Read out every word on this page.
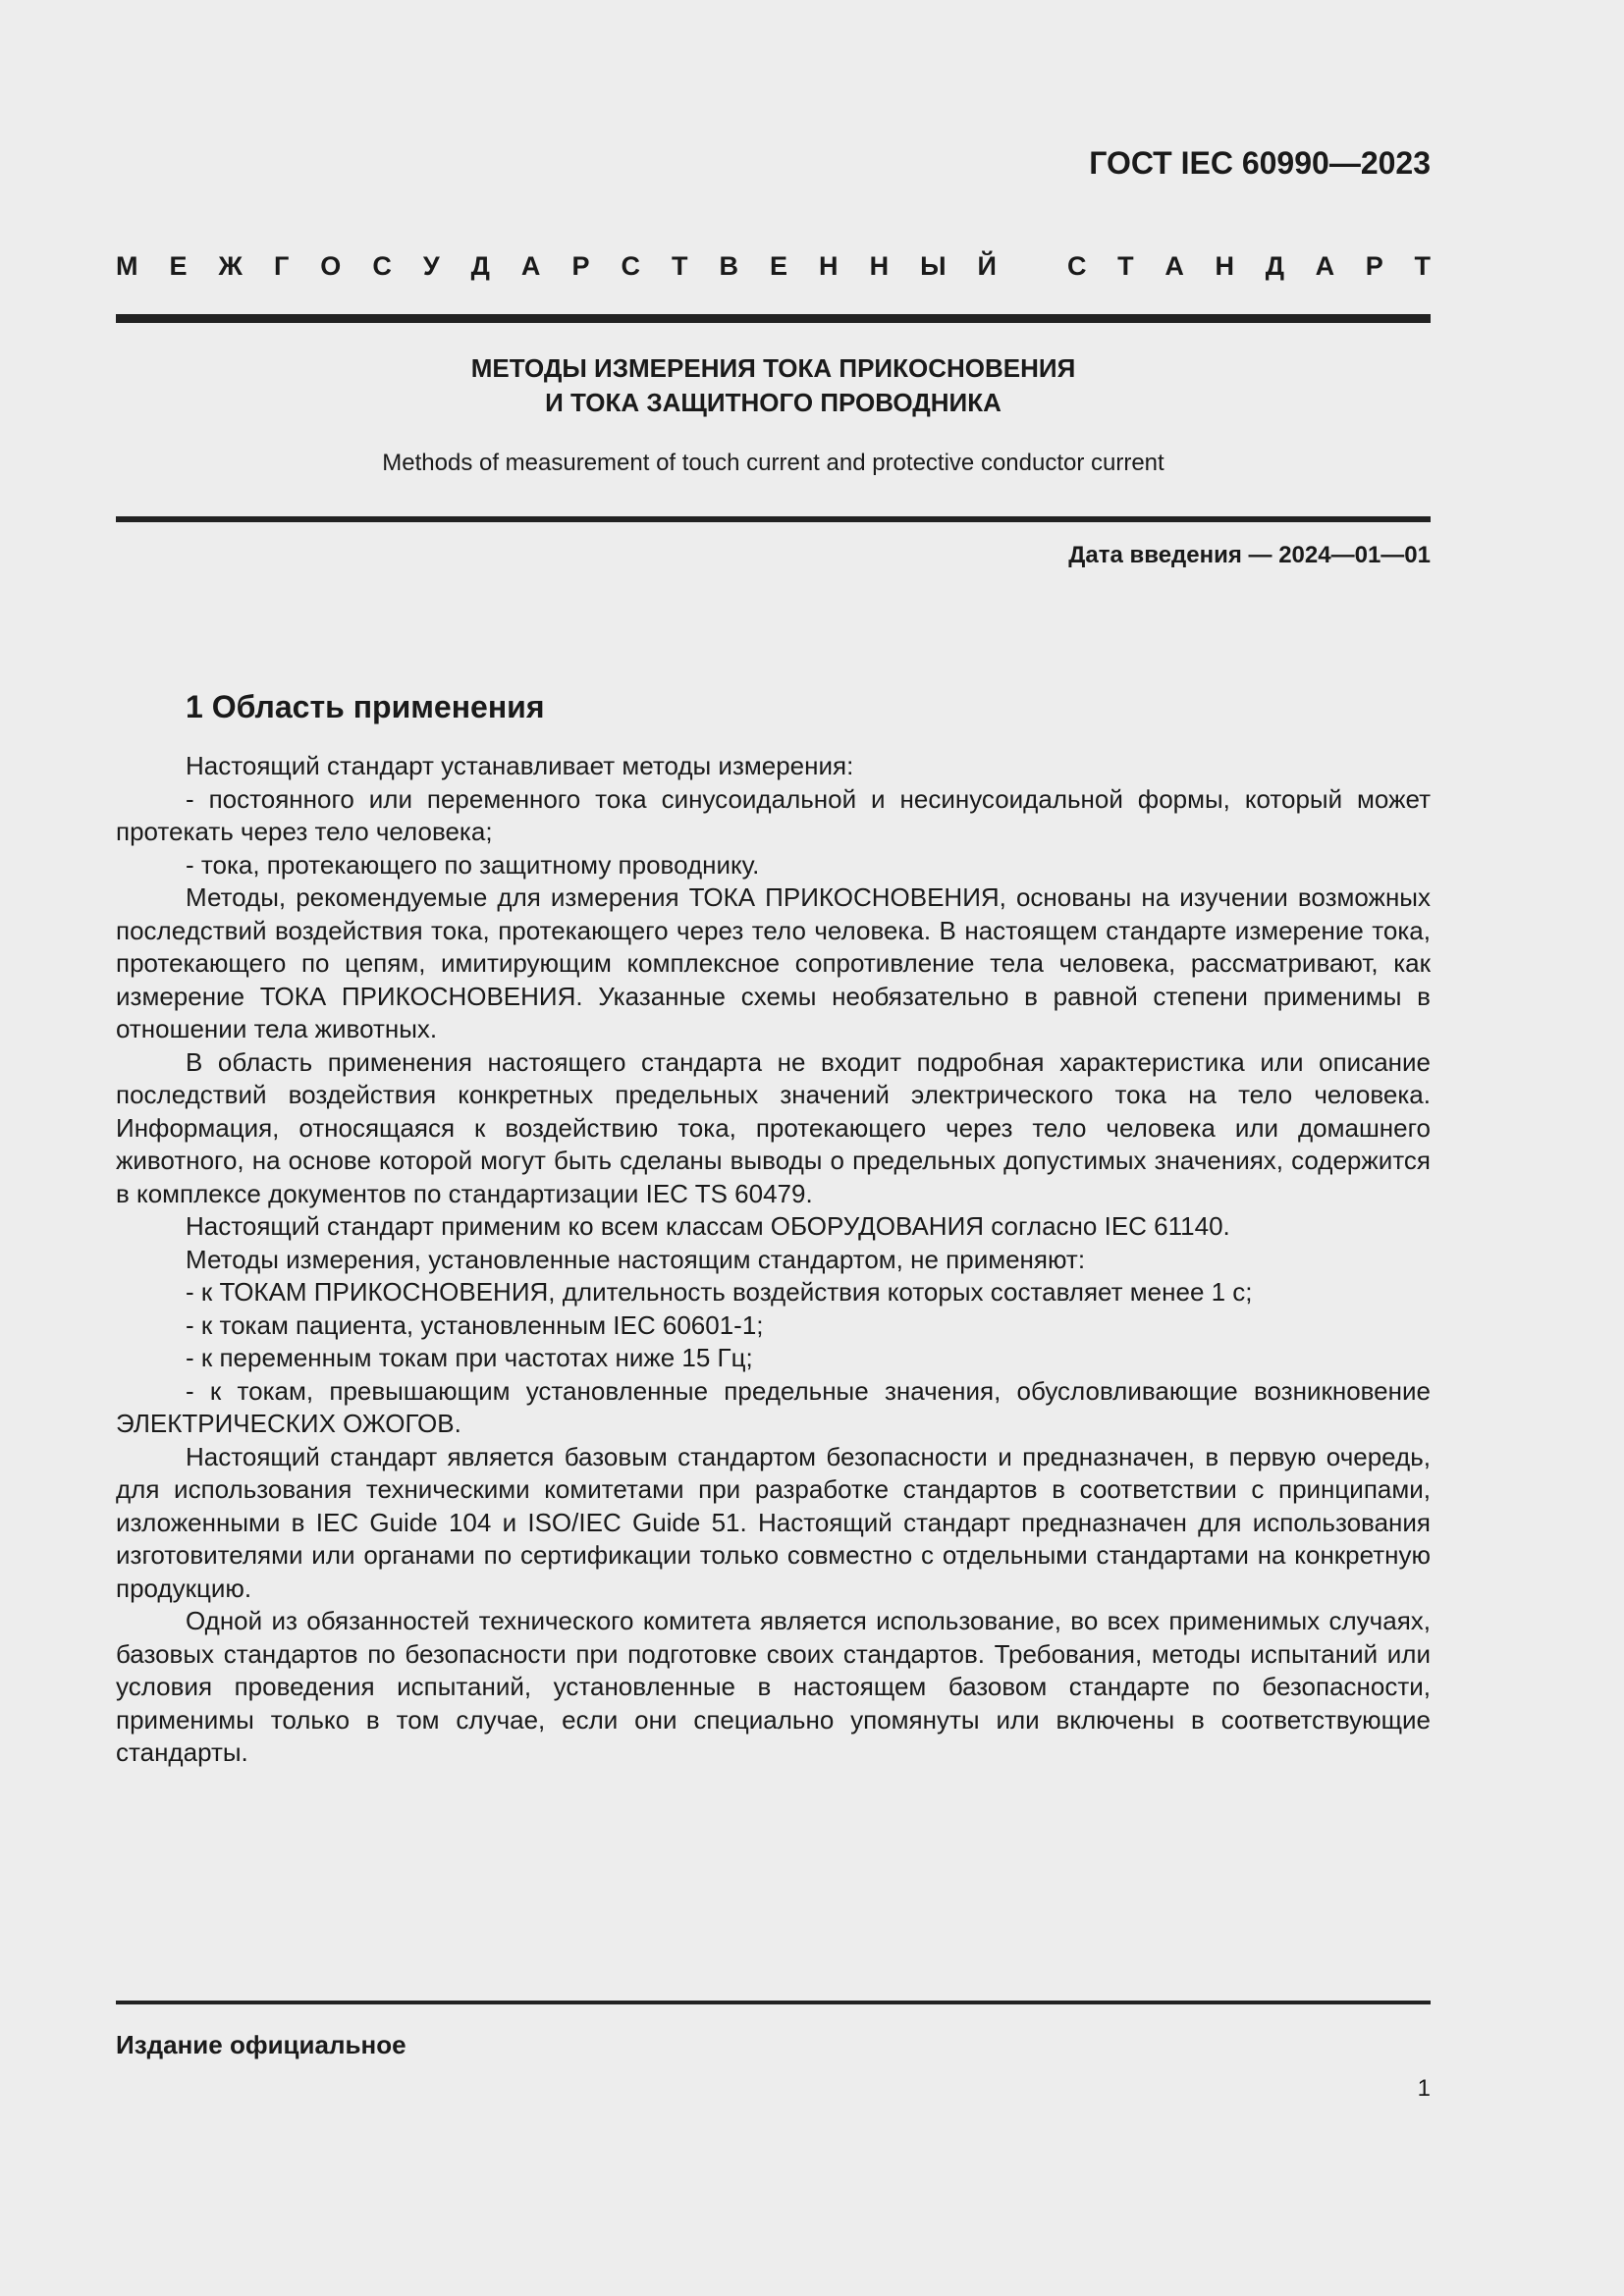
ГОСТ IEC 60990—2023
М Е Ж Г О С У Д А Р С Т В Е Н Н Ы Й	С Т А Н Д А Р Т
МЕТОДЫ ИЗМЕРЕНИЯ ТОКА ПРИКОСНОВЕНИЯ
И ТОКА ЗАЩИТНОГО ПРОВОДНИКА
Methods of measurement of touch current and protective conductor current
Дата введения — 2024—01—01
1 Область применения

Настоящий стандарт устанавливает методы измерения:

- постоянного или переменного тока синусоидальной и несинусоидальной формы, который может протекать через тело человека;

- тока, протекающего по защитному проводнику.

Методы, рекомендуемые для измерения ТОКА ПРИКОСНОВЕНИЯ, основаны на изучении возможных последствий воздействия тока, протекающего через тело человека. В настоящем стандарте измерение тока, протекающего по цепям, имитирующим комплексное сопротивление тела человека, рассматривают, как измерение ТОКА ПРИКОСНОВЕНИЯ. Указанные схемы необязательно в равной степени применимы в отношении тела животных.

В область применения настоящего стандарта не входит подробная характеристика или описание последствий воздействия конкретных предельных значений электрического тока на тело человека. Информация, относящаяся к воздействию тока, протекающего через тело человека или домашнего животного, на основе которой могут быть сделаны выводы о предельных допустимых значениях, содержится в комплексе документов по стандартизации IEC TS 60479.

Настоящий стандарт применим ко всем классам ОБОРУДОВАНИЯ согласно IEC 61140.

Методы измерения, установленные настоящим стандартом, не применяют:

- к ТОКАМ ПРИКОСНОВЕНИЯ, длительность воздействия которых составляет менее 1 с;

- к токам пациента, установленным IEC 60601-1;

- к переменным токам при частотах ниже 15 Гц;

- к токам, превышающим установленные предельные значения, обусловливающие возникновение ЭЛЕКТРИЧЕСКИХ ОЖОГОВ.

Настоящий стандарт является базовым стандартом безопасности и предназначен, в первую очередь, для использования техническими комитетами при разработке стандартов в соответствии с принципами, изложенными в IEC Guide 104 и ISO/IEC Guide 51. Настоящий стандарт предназначен для использования изготовителями или органами по сертификации только совместно с отдельными стандартами на конкретную продукцию.

Одной из обязанностей технического комитета является использование, во всех применимых случаях, базовых стандартов по безопасности при подготовке своих стандартов. Требования, методы испытаний или условия проведения испытаний, установленные в настоящем базовом стандарте по безопасности, применимы только в том случае, если они специально упомянуты или включены в соответствующие стандарты.

Издание официальное
1
